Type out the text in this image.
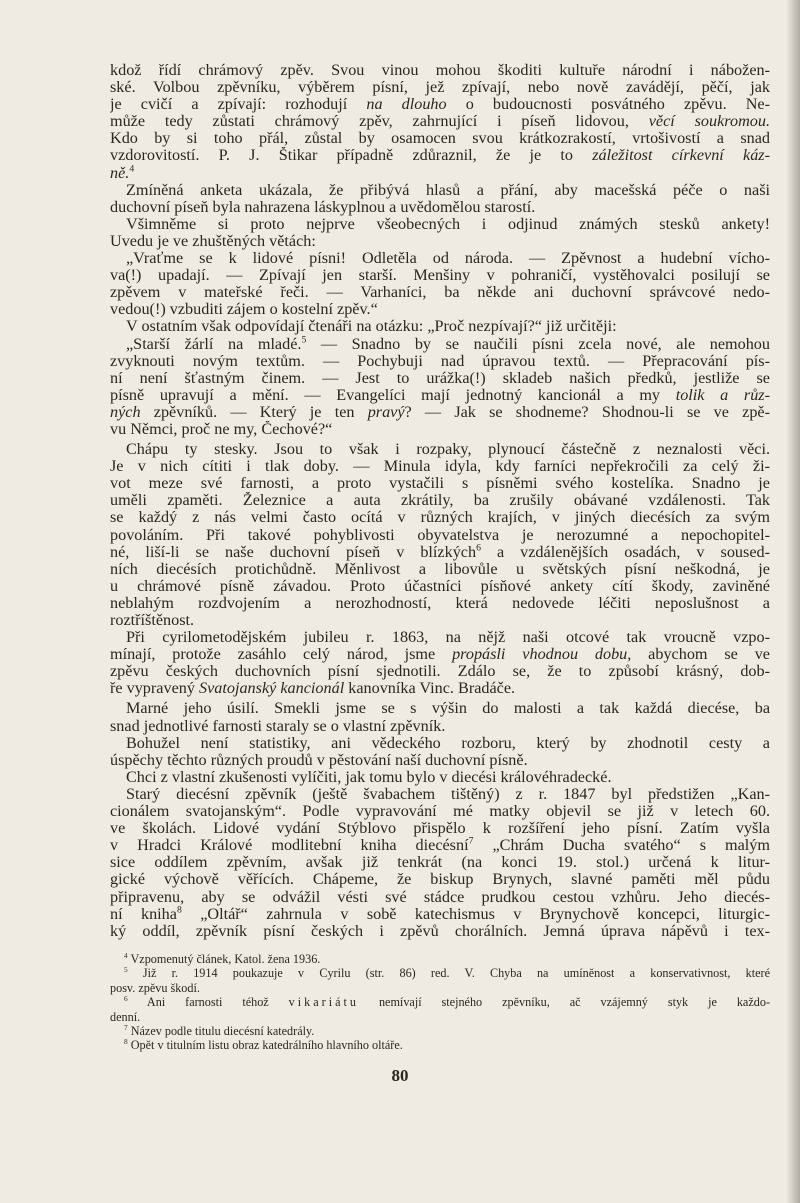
kdož řídí chrámový zpěv. Svou vinou mohou škoditi kultuře národní i nábožen-
ské. Volbou zpěvníku, výběrem písní, jež zpívají, nebo nově zavádějí, pěčí, jak
je cvičí a zpívají: rozhodují na dlouho o budoucnosti posvátného zpěvu. Ne-
může tedy zůstati chrámový zpěv, zahrnující i píseň lidovou, věcí soukromou.
Kdo by si toho přál, zůstal by osamocen svou krátkozrakostí, vrtošivostí a snad
vzdorovitostí. P. J. Štikar případně zdůraznil, že je to záležitost církevní káz-
ně.$^4$
Zmíněná anketa ukázala, že přibývá hlasů a přání, aby macešská péče o naši
duchovní píseň byla nahrazena láskyplnou a uvědomělou starostí.
Všimněme si proto nejprve všeobecných i odjinud známých stesků ankety!
Uvedu je ve zhuštěných větách:
„Vraťme se k lidové písni! Odletěla od národa. — Zpěvnost a hudební vícho-
va(!) upadají. — Zpívají jen starší. Menšiny v pohraničí, vystěhovalci posilují se
zpěvem v mateřské řeči. — Varhaníci, ba někde ani duchovní správcové nedo-
vedou(!) vzbuditi zájem o kostelní zpěv.“
V ostatním však odpovídají čtenáři na otázku: „Proč nezpívají?“ již určitěji:
„Starší žárlí na mladé.$^5$ — Snadno by se naučili písni zcela nové, ale nemohou
zvyknouti novým textům. — Pochybuji nad úpravou textů. — Přepracování pís-
ní není šťastným činem. — Jest to urážka(!) skladeb našich předků, jestliže se
písně upravují a mění. — Evangelíci mají jednotný kancionál a my tolik a růz-
ných zpěvníků. — Který je ten pravý? — Jak se shodneme? Shodnou-li se ve zpě-
vu Němci, proč ne my, Čechové?“
Chápu ty stesky. Jsou to však i rozpaky, plynoucí částečně z neznalosti věci.
Je v nich cítiti i tlak doby. — Minula idyla, kdy farníci nepřekročili za celý ži-
vot meze své farnosti, a proto vystačili s písněmi svého kostelíka. Snadno je
uměli zpaměti. Železnice a auta zkrátily, ba zrušily obávané vzdálenosti. Tak
se každý z nás velmi často ocítá v různých krajích, v jiných diecésích za svým
povoláním. Při takové pohyblivosti obyvatelstva je nerozumné a nepochopitel-
né, liší-li se naše duchovní píseň v blízkých$^6$ a vzdálenějších osadách, v soused-
ních diecésích protichůdně. Měnlivost a libovůle u světských písní neškodná, je
u chrámové písně závadou. Proto účastníci písňové ankety cítí škody, zaviněné
neblahým rozdvojením a nerozhodností, která nedovede léčiti neposlušnost a
roztříštěnost.
Při cyrilometodějském jubileu r. 1863, na nějž naši otcové tak vroucně vzpo-
mínají, protože zasáhlo celý národ, jsme propásli vhodnou dobu, abychom se ve
zpěvu českých duchovních písní sjednotili. Zdálo se, že to způsobí krásný, dob-
ře vypravený Svatojanský kancionál kanovníka Vinc. Bradáče.
Marné jeho úsilí. Smekli jsme se s výšin do malosti a tak každá diecése, ba
snad jednotlivé farnosti staraly se o vlastní zpěvník.
Bohužel není statistiky, ani vědeckého rozboru, který by zhodnotil cesty a
úspěchy těchto různých proudů v pěstování naší duchovní písně.
Chci z vlastní zkušenosti vylíčiti, jak tomu bylo v diecési královéhradecké.
Starý diecésní zpěvník (ještě švabachem tištěný) z r. 1847 byl předstižen „Kan-
cionálem svatojanským“. Podle vypravování mé matky objevil se již v letech 60.
ve školách. Lidové vydání Stýblovo přispělo k rozšíření jeho písní. Zatím vyšla
v Hradci Králové modlitební kniha diecésní$^7$ „Chrám Ducha svatého“ s malým
sice oddílem zpěvním, avšak již tenkrát (na konci 19. stol.) určená k litur-
gické výchově věřících. Chápeme, že biskup Brynych, slavné paměti měl půdu
připravenu, aby se odvážil vésti své stádce prudkou cestou vzhůru. Jeho diecés-
ní kniha$^8$ „Oltář“ zahrnula v sobě katechismus v Brynychově koncepci, liturgic-
ký oddíl, zpěvník písní českých i zpěvů chorálních. Jemná úprava nápěvů i tex-
$^4$ Vzpomenutý článek, Katol. žena 1936.
$^5$ Již r. 1914 poukazuje v Cyrilu (str. 86) red. V. Chyba na umíněnost a konservativnost, které
posv. zpěvu škodí.
$^6$ Ani farnosti téhož vikariátu nemívají stejného zpěvníku, ač vzájemný styk je každo-
denní.
$^7$ Název podle titulu diecésní katedrály.
$^8$ Opět v titulním listu obraz katedrálního hlavního oltáře.
80
